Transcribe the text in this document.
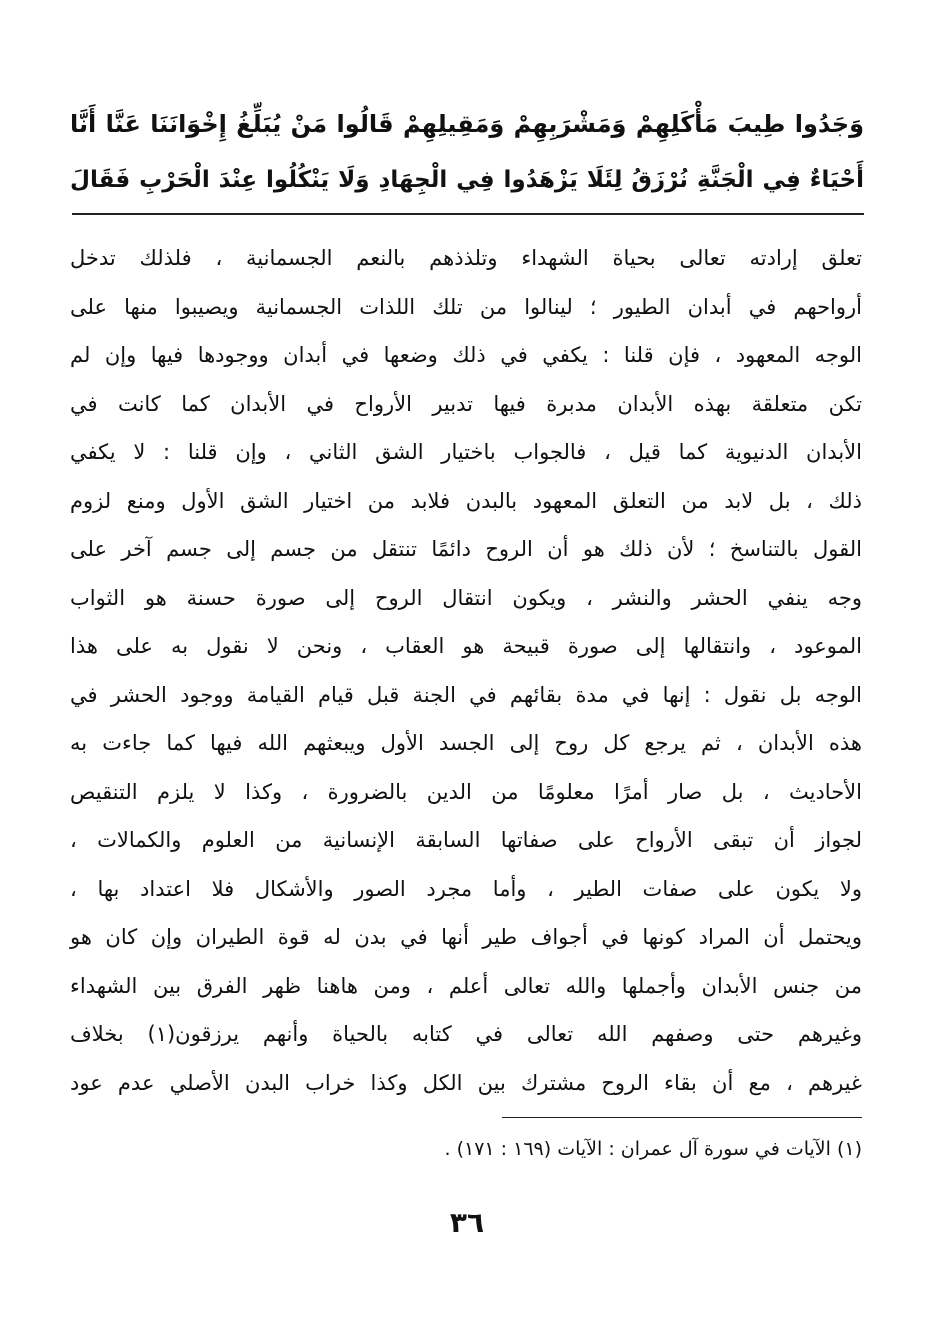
وَجَدُوا طِيبَ مَأْكَلِهِمْ وَمَشْرَبِهِمْ وَمَقِيلِهِمْ قَالُوا مَنْ يُبَلِّغُ إِخْوَانَنَا عَنَّا أَنَّا
أَحْيَاءٌ فِي الْجَنَّةِ نُرْزَقُ لِئَلَا يَزْهَدُوا فِي الْجِهَادِ وَلَا يَنْكُلُوا عِنْدَ الْحَرْبِ فَقَالَ
تعلق إرادته تعالى بحياة الشهداء وتلذذهم بالنعم الجسمانية ، فلذلك تدخل
أرواحهم في أبدان الطيور ؛ لينالوا من تلك اللذات الجسمانية ويصيبوا منها على
الوجه المعهود ، فإن قلنا : يكفي في ذلك وضعها في أبدان ووجودها فيها وإن لم
تكن متعلقة بهذه الأبدان مدبرة فيها تدبير الأرواح في الأبدان كما كانت في
الأبدان الدنيوية كما قيل ، فالجواب باختيار الشق الثاني ، وإن قلنا : لا يكفي
ذلك ، بل لابد من التعلق المعهود بالبدن فلابد من اختيار الشق الأول ومنع لزوم
القول بالتناسخ ؛ لأن ذلك هو أن الروح دائمًا تنتقل من جسم إلى جسم آخر على
وجه ينفي الحشر والنشر ، ويكون انتقال الروح إلى صورة حسنة هو الثواب
الموعود ، وانتقالها إلى صورة قبيحة هو العقاب ، ونحن لا نقول به على هذا
الوجه بل نقول : إنها في مدة بقائهم في الجنة قبل قيام القيامة ووجود الحشر في
هذه الأبدان ، ثم يرجع كل روح إلى الجسد الأول ويبعثهم الله فيها كما جاءت به
الأحاديث ، بل صار أمرًا معلومًا من الدين بالضرورة ، وكذا لا يلزم التنقيص
لجواز أن تبقى الأرواح على صفاتها السابقة الإنسانية من العلوم والكمالات ،
ولا يكون على صفات الطير ، وأما مجرد الصور والأشكال فلا اعتداد بها ،
ويحتمل أن المراد كونها في أجواف طير أنها في بدن له قوة الطيران وإن كان هو
من جنس الأبدان وأجملها والله تعالى أعلم ، ومن هاهنا ظهر الفرق بين الشهداء
وغيرهم حتى وصفهم الله تعالى في كتابه بالحياة وأنهم يرزقون(١) بخلاف
غيرهم ، مع أن بقاء الروح مشترك بين الكل وكذا خراب البدن الأصلي عدم عود
(١) الآيات في سورة آل عمران : الآيات (١٦٩ : ١٧١) .
٣٦
